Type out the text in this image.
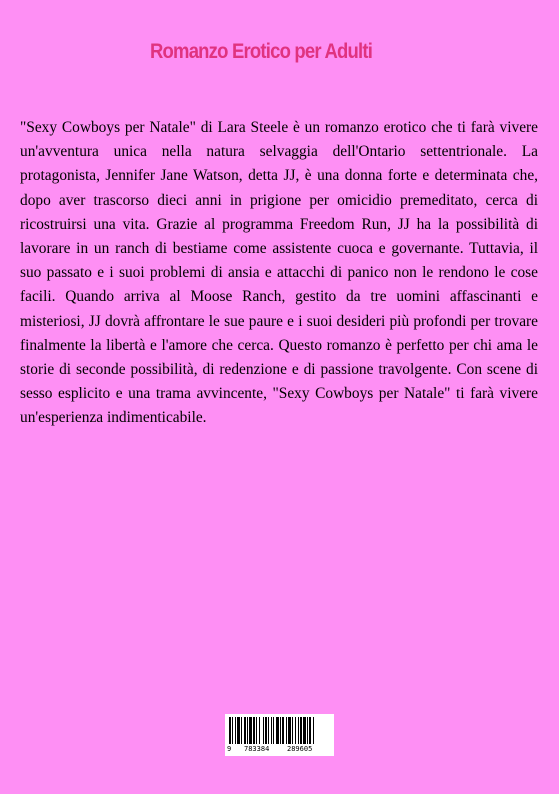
Romanzo Erotico per Adulti

"Sexy Cowboys per Natale" di Lara Steele è un romanzo erotico che ti farà vivere un'avventura unica nella natura selvaggia dell'Ontario settentrionale. La protagonista, Jennifer Jane Watson, detta JJ, è una donna forte e determinata che, dopo aver trascorso dieci anni in prigione per omicidio premeditato, cerca di ricostruirsi una vita. Grazie al programma Freedom Run, JJ ha la possibilità di lavorare in un ranch di bestiame come assistente cuoca e governante. Tuttavia, il suo passato e i suoi problemi di ansia e attacchi di panico non le rendono le cose facili. Quando arriva al Moose Ranch, gestito da tre uomini affascinanti e misteriosi, JJ dovrà affrontare le sue paure e i suoi desideri più profondi per trovare finalmente la libertà e l'amore che cerca. Questo romanzo è perfetto per chi ama le storie di seconde possibilità, di redenzione e di passione travolgente. Con scene di sesso esplicito e una trama avvincente, "Sexy Cowboys per Natale" ti farà vivere un'esperienza indimenticabile.

9 783384	289605
